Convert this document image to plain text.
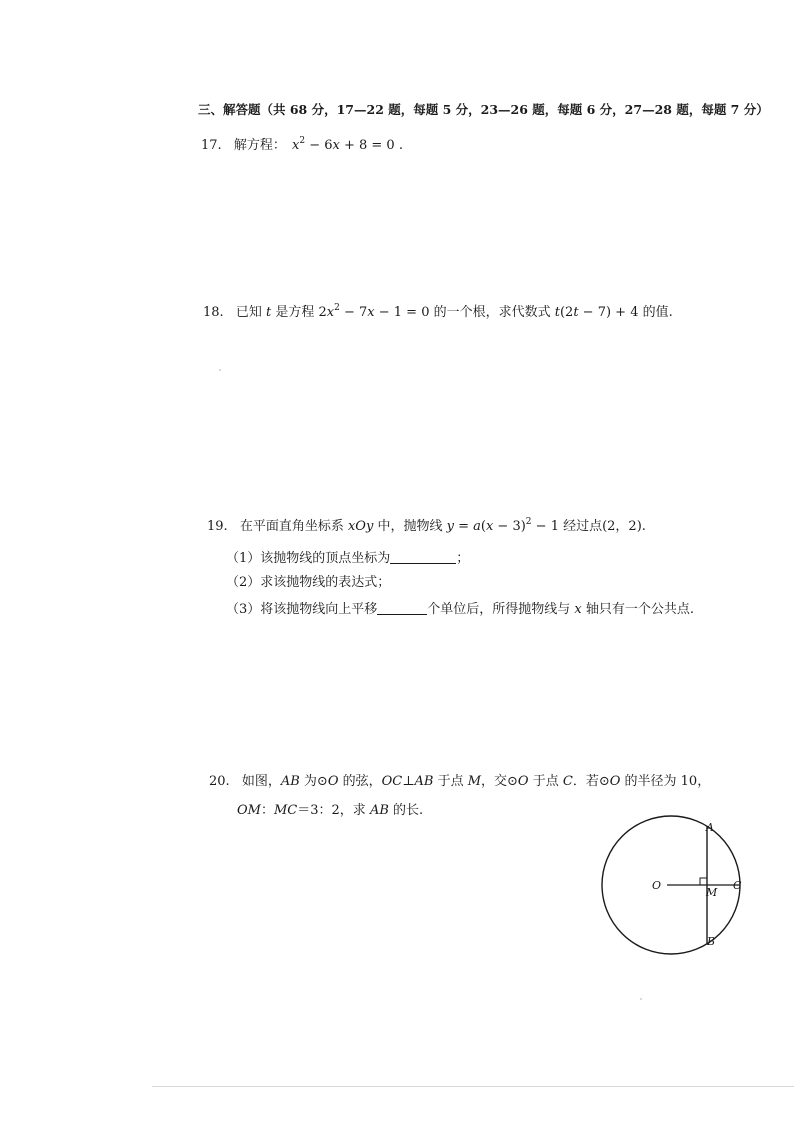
三、解答题（共 68 分，17—22 题，每题 5 分，23—26 题，每题 6 分，27—28 题，每题 7 分）
17. 解方程： $x^2 - 6x + 8 = 0$ .
18. 已知 t 是方程 $2x^2 - 7x - 1 = 0$ 的一个根，求代数式 t(2t − 7) + 4 的值.
19. 在平面直角坐标系 xOy 中，抛物线 $y = a(x - 3)^2 - 1$ 经过点(2，2).
（1）该抛物线的顶点坐标为	；
（2）求该抛物线的表达式；
（3）将该抛物线向上平移	个单位后，所得抛物线与 x 轴只有一个公共点.
20. 如图，AB 为⊙O 的弦，OC⊥AB 于点 M，交⊙O 于点 C．若⊙O 的半径为 10，
OM：MC＝3：2，求 AB 的长.
A
B
C
O
M
